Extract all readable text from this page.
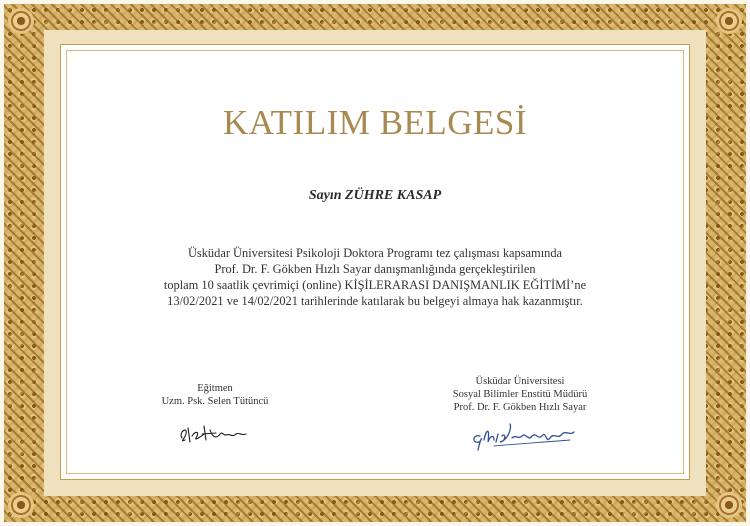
KATILIM BELGESİ
Sayın ZÜHRE KASAP
Üsküdar Üniversitesi Psikoloji Doktora Programı tez çalışması kapsamında
Prof. Dr. F. Gökben Hızlı Sayar danışmanlığında gerçekleştirilen
toplam 10 saatlik çevrimiçi (online) KİŞİLERARASI DANIŞMANLIK EĞİTİMİ’ne
13/02/2021 ve 14/02/2021 tarihlerinde katılarak bu belgeyi almaya hak kazanmıştır.
Eğitmen
Uzm. Psk. Selen Tütüncü
Üsküdar Üniversitesi
Sosyal Bilimler Enstitü Müdürü
Prof. Dr. F. Gökben Hızlı Sayar
